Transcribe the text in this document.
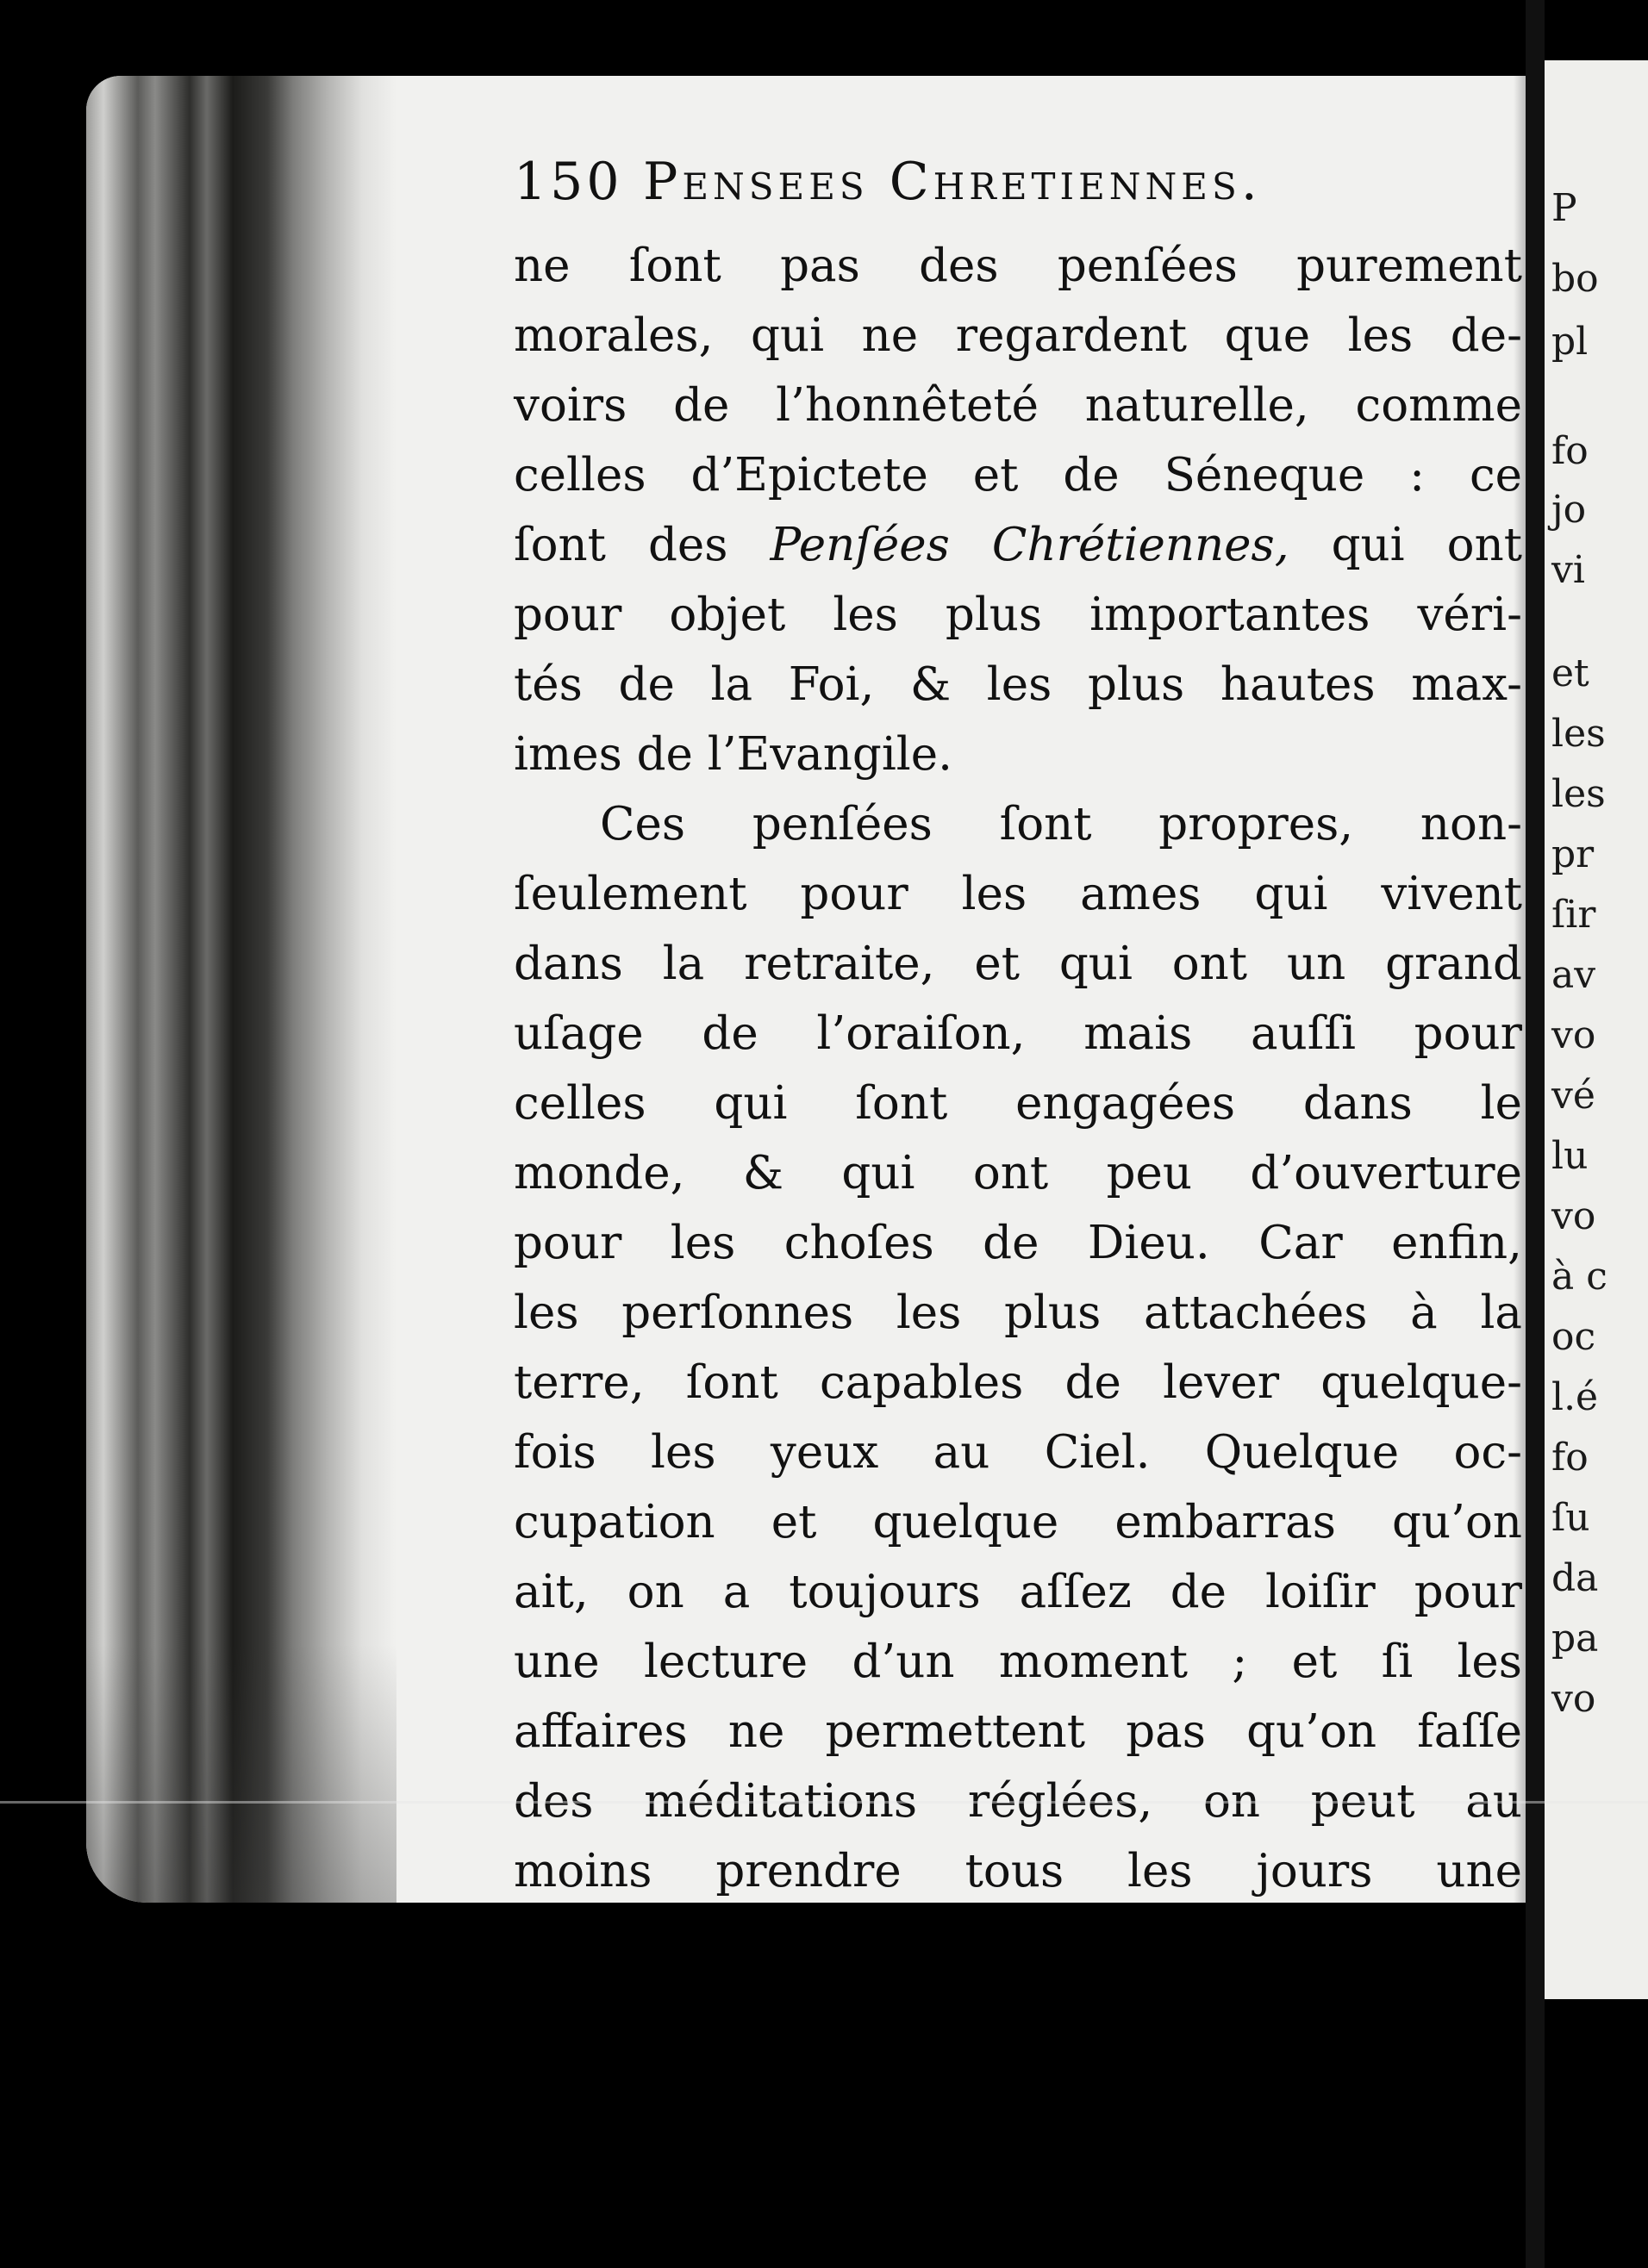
P
bo
pl
fo
jo
vi
et
les
les
pr
ſir
av
vo
vé
lu
vo
à c
oc
l.é
fo
ſu
da
pa
vo
150 Pensees Chretiennes.
ne ſont pas des penſées purement
morales, qui ne regardent que les de-
voirs de l’honnêteté naturelle, comme
celles d’Epictete et de Séneque : ce
ſont des Penſées Chrétiennes, qui ont
pour objet les plus importantes véri-
tés de la Foi, & les plus hautes max-
imes de l’Evangile.
Ces penſées ſont propres, non-
ſeulement pour les ames qui vivent
dans la retraite, et qui ont un grand
uſage de l’oraiſon, mais auſſi pour
celles qui ſont engagées dans le
monde, & qui ont peu d’ouverture
pour les choſes de Dieu. Car enfin,
les perſonnes les plus attachées à la
terre, ſont capables de lever quelque-
fois les yeux au Ciel. Quelque oc-
cupation et quelque embarras qu’on
ait, on a toujours aſſez de loiſir pour
une lecture d’un moment ; et ſi les
affaires ne permettent pas qu’on faſſe
des méditations réglées, on peut au
moins prendre tous les jours une
